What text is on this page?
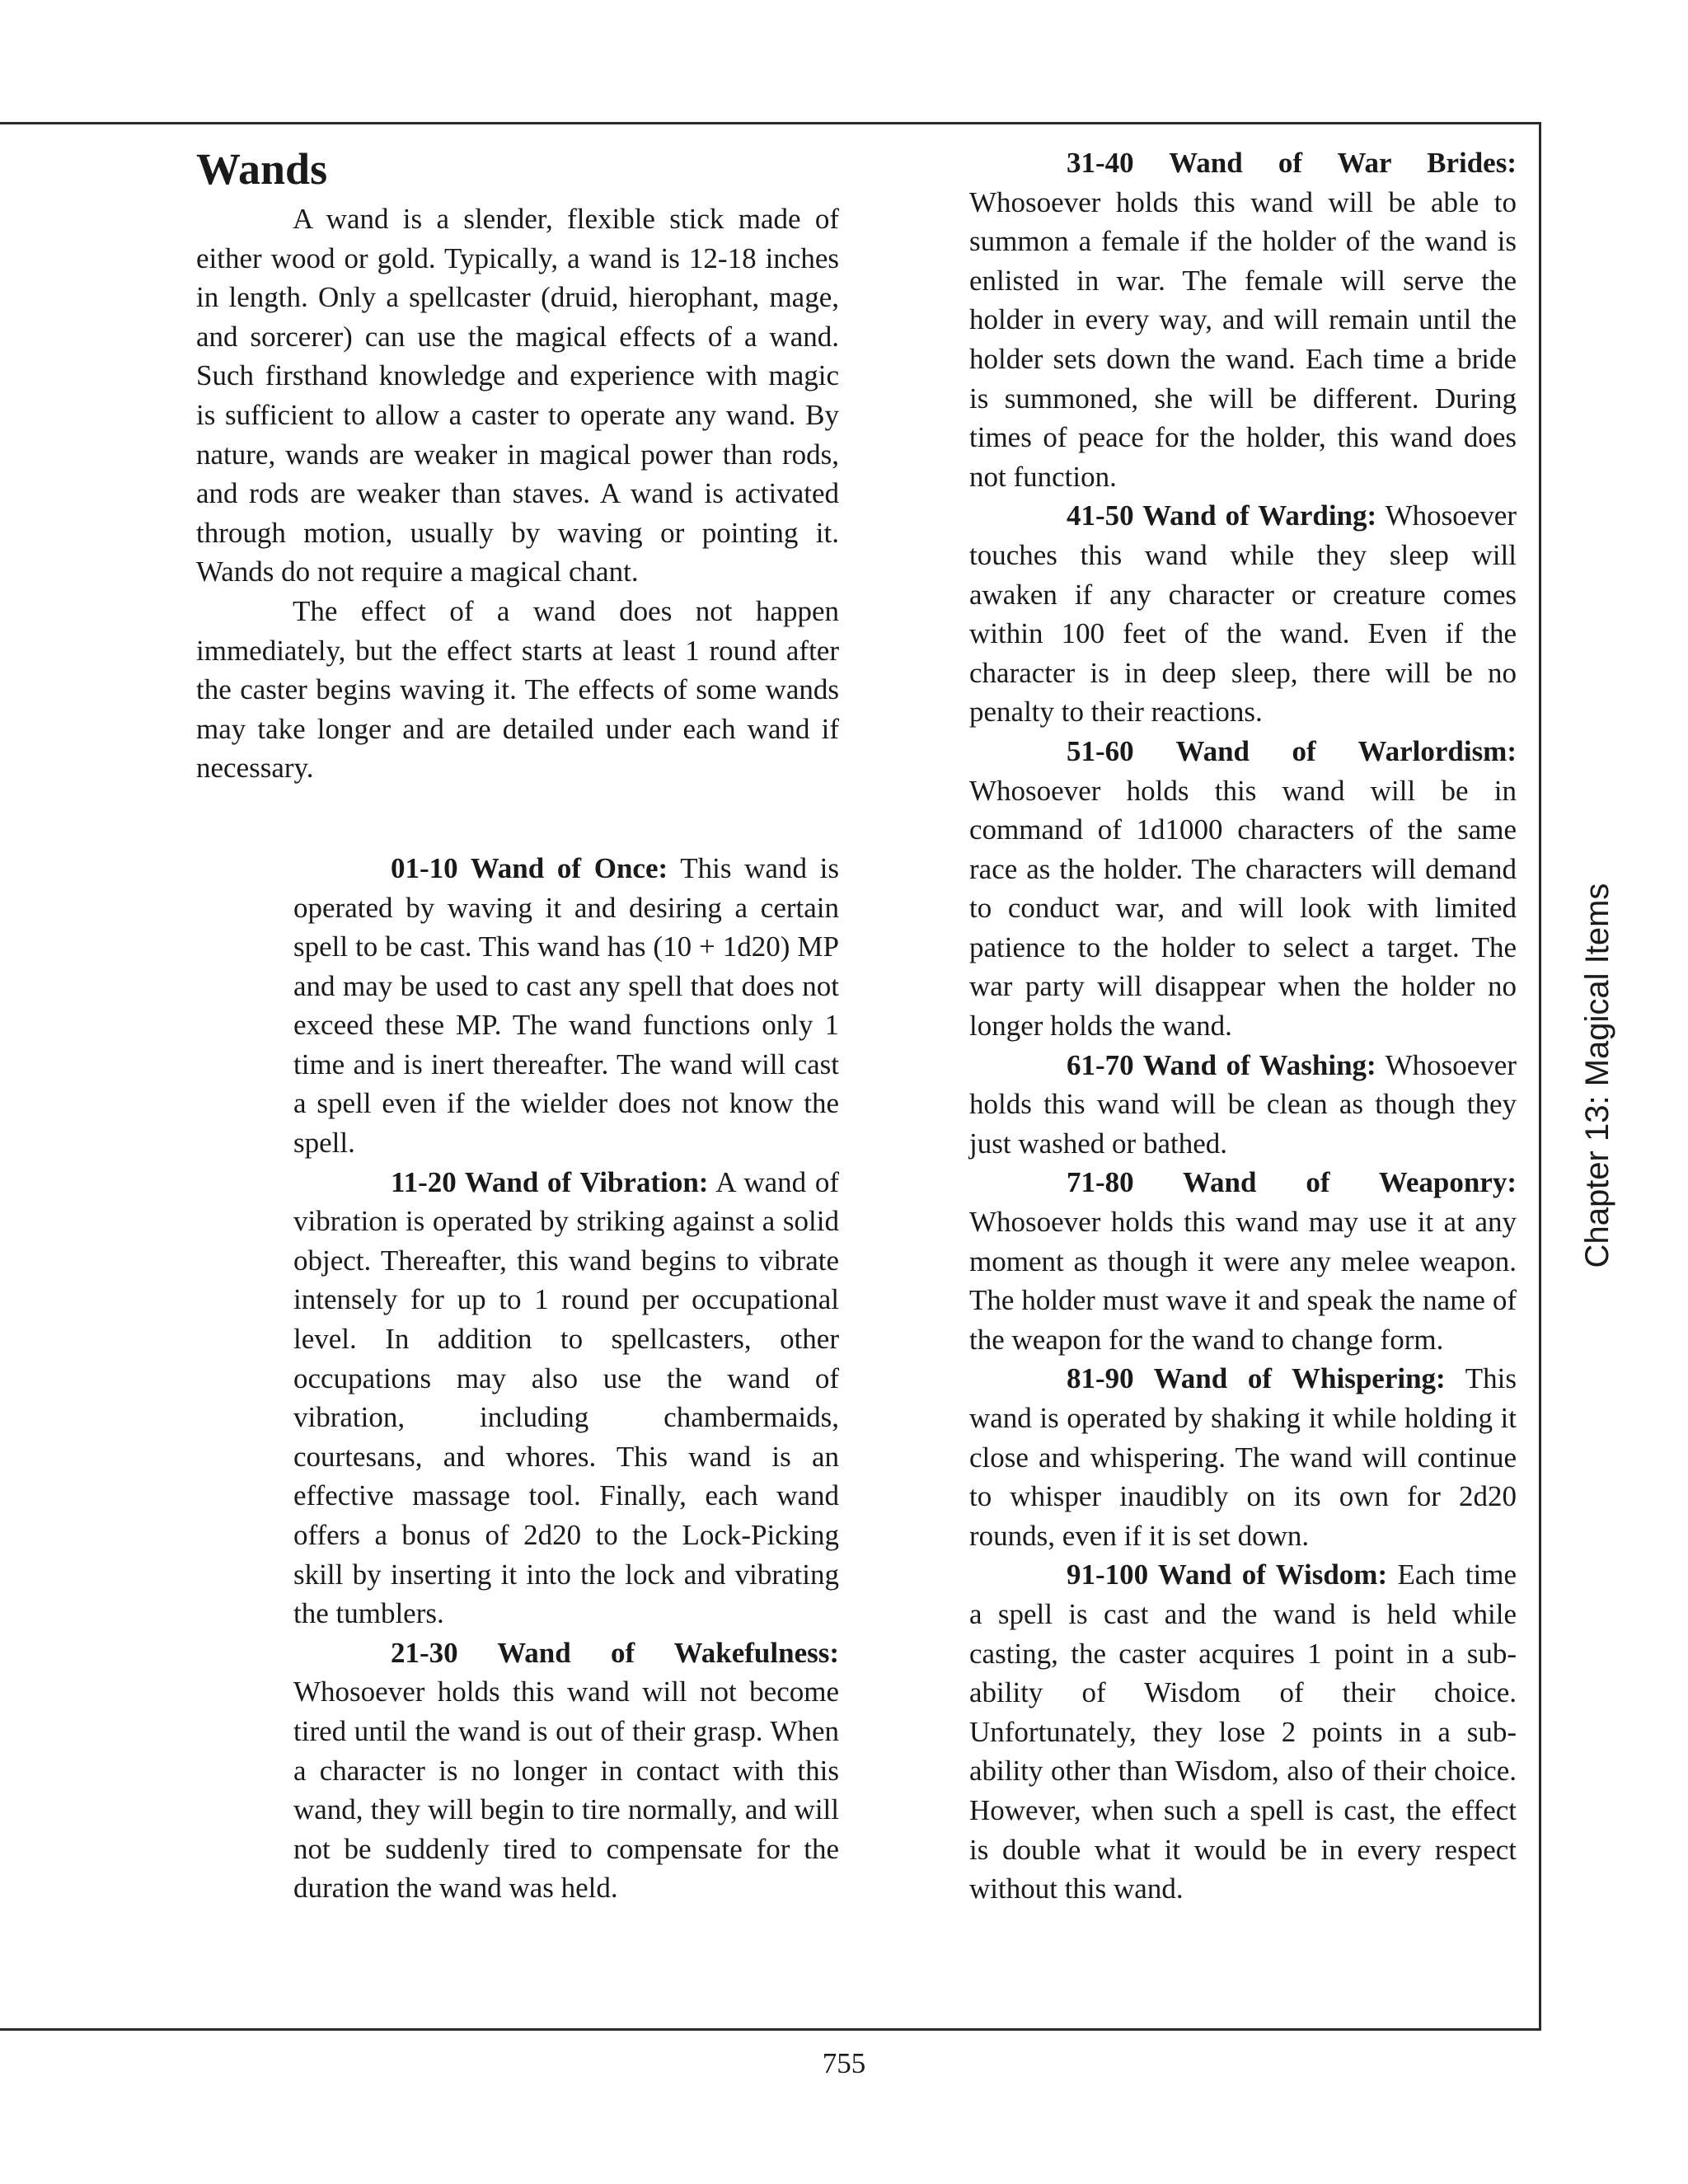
Wands

A wand is a slender, flexible stick made of either wood or gold. Typically, a wand is 12-18 inches in length. Only a spellcaster (druid, hierophant, mage, and sorcerer) can use the magical effects of a wand. Such firsthand knowledge and experience with magic is sufficient to allow a caster to operate any wand. By nature, wands are weaker in magical power than rods, and rods are weaker than staves. A wand is activated through motion, usually by waving or pointing it. Wands do not require a magical chant.

The effect of a wand does not happen immediately, but the effect starts at least 1 round after the caster begins waving it. The effects of some wands may take longer and are detailed under each wand if necessary.

01-10 Wand of Once: This wand is operated by waving it and desiring a certain spell to be cast. This wand has (10 + 1d20) MP and may be used to cast any spell that does not exceed these MP. The wand functions only 1 time and is inert thereafter. The wand will cast a spell even if the wielder does not know the spell.

11-20 Wand of Vibration: A wand of vibration is operated by striking against a solid object. Thereafter, this wand begins to vibrate intensely for up to 1 round per occupational level. In addition to spellcasters, other occupations may also use the wand of vibration, including chambermaids, courtesans, and whores. This wand is an effective massage tool. Finally, each wand offers a bonus of 2d20 to the Lock-Picking skill by inserting it into the lock and vibrating the tumblers.

21-30 Wand of Wakefulness: Whosoever holds this wand will not become tired until the wand is out of their grasp. When a character is no longer in contact with this wand, they will begin to tire normally, and will not be suddenly tired to compensate for the duration the wand was held.

31-40 Wand of War Brides: Whosoever holds this wand will be able to summon a female if the holder of the wand is enlisted in war. The female will serve the holder in every way, and will remain until the holder sets down the wand. Each time a bride is summoned, she will be different. During times of peace for the holder, this wand does not function.

41-50 Wand of Warding: Whosoever touches this wand while they sleep will awaken if any character or creature comes within 100 feet of the wand. Even if the character is in deep sleep, there will be no penalty to their reactions.

51-60 Wand of Warlordism: Whosoever holds this wand will be in command of 1d1000 characters of the same race as the holder. The characters will demand to conduct war, and will look with limited patience to the holder to select a target. The war party will disappear when the holder no longer holds the wand.

61-70 Wand of Washing: Whosoever holds this wand will be clean as though they just washed or bathed.

71-80 Wand of Weaponry: Whosoever holds this wand may use it at any moment as though it were any melee weapon. The holder must wave it and speak the name of the weapon for the wand to change form.

81-90 Wand of Whispering: This wand is operated by shaking it while holding it close and whispering. The wand will continue to whisper inaudibly on its own for 2d20 rounds, even if it is set down.

91-100 Wand of Wisdom: Each time a spell is cast and the wand is held while casting, the caster acquires 1 point in a sub-ability of Wisdom of their choice. Unfortunately, they lose 2 points in a sub-ability other than Wisdom, also of their choice. However, when such a spell is cast, the effect is double what it would be in every respect without this wand.

Chapter 13: Magical Items
755
